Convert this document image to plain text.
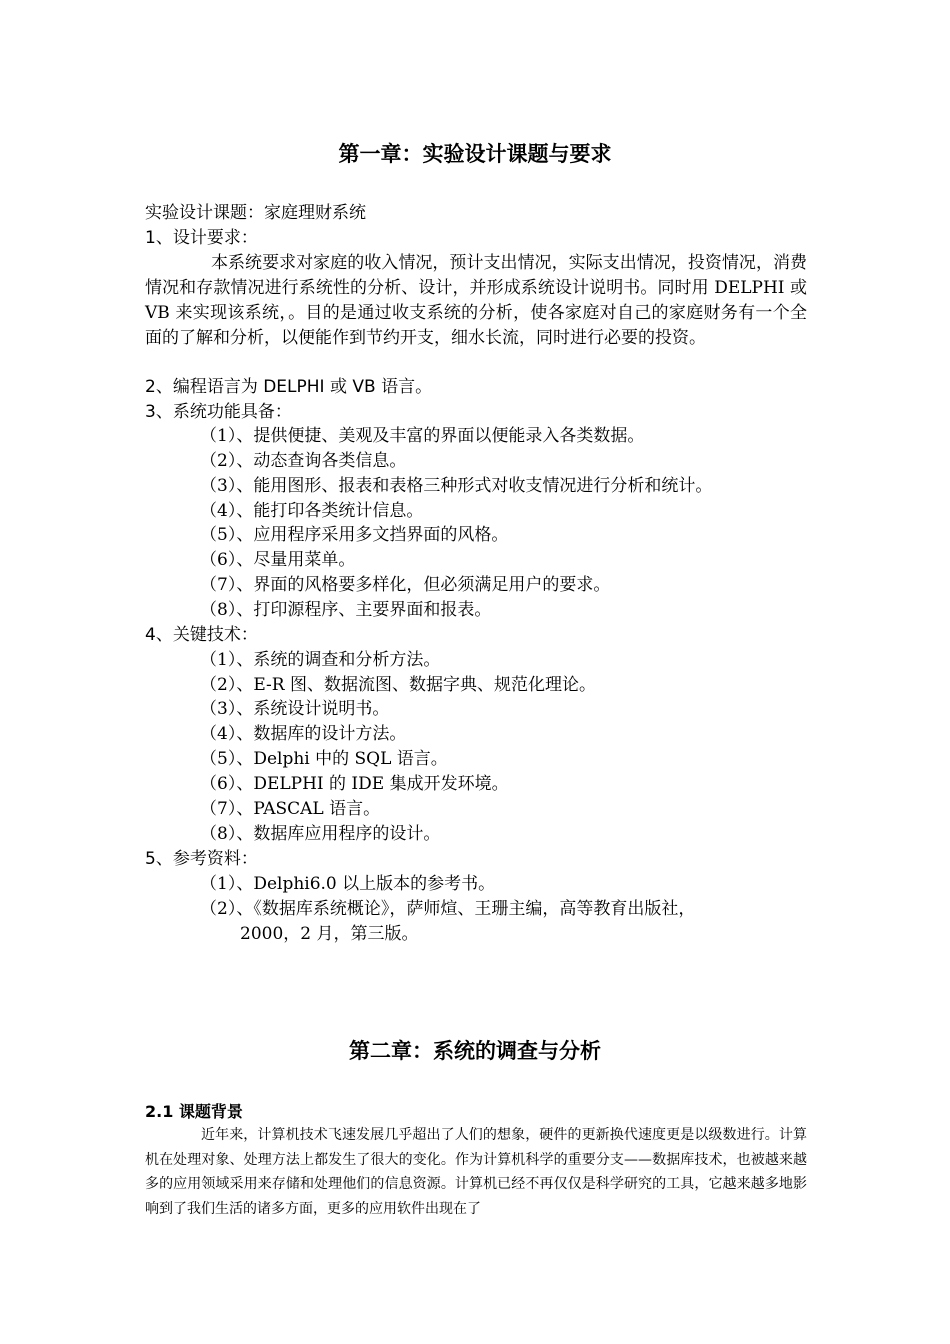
第一章：实验设计课题与要求
实验设计课题：家庭理财系统
1、设计要求：
本系统要求对家庭的收入情况，预计支出情况，实际支出情况，投资情况，消费情况和存款情况进行系统性的分析、设计，并形成系统设计说明书。同时用 DELPHI 或 VB 来实现该系统，。目的是通过收支系统的分析，使各家庭对自己的家庭财务有一个全面的了解和分析，以便能作到节约开支，细水长流，同时进行必要的投资。
2、编程语言为 DELPHI 或 VB 语言。
3、系统功能具备：
（1）、提供便捷、美观及丰富的界面以便能录入各类数据。
（2）、动态查询各类信息。
（3）、能用图形、报表和表格三种形式对收支情况进行分析和统计。
（4）、能打印各类统计信息。
（5）、应用程序采用多文挡界面的风格。
（6）、尽量用菜单。
（7）、界面的风格要多样化，但必须满足用户的要求。
（8）、打印源程序、主要界面和报表。
4、关键技术：
（1）、系统的调查和分析方法。
（2）、E-R 图、数据流图、数据字典、规范化理论。
（3）、系统设计说明书。
（4）、数据库的设计方法。
（5）、Delphi 中的 SQL 语言。
（6）、DELPHI 的 IDE 集成开发环境。
（7）、PASCAL 语言。
（8）、数据库应用程序的设计。
5、参考资料：
（1）、Delphi6.0 以上版本的参考书。
（2）、《数据库系统概论》，萨师煊、王珊主编，高等教育出版社，
2000，2 月，第三版。
第二章：系统的调查与分析
2.1 课题背景
近年来，计算机技术飞速发展几乎超出了人们的想象，硬件的更新换代速度更是以级数进行。计算机在处理对象、处理方法上都发生了很大的变化。作为计算机科学的重要分支——数据库技术，也被越来越多的应用领域采用来存储和处理他们的信息资源。计算机已经不再仅仅是科学研究的工具，它越来越多地影响到了我们生活的诸多方面，更多的应用软件出现在了
